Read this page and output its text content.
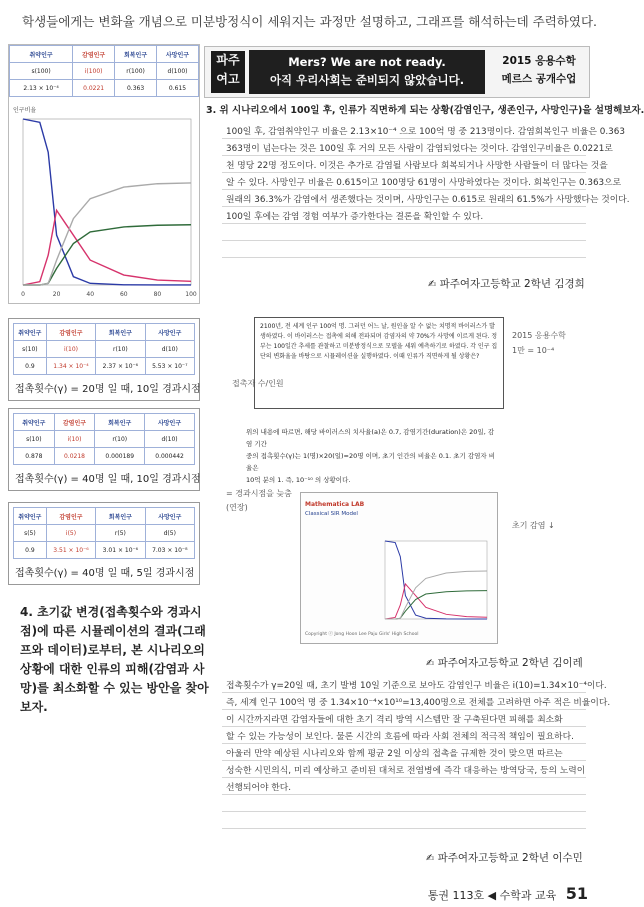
학생들에게는 변화율 개념으로 미분방정식이 세워지는 과정만 설명하고, 그래프를 해석하는데 주력하였다.
취약인구	감염인구	회복인구	사망인구
s(100)	i(100)	r(100)	d(100)
2.13 × 10⁻⁴	0.0221	0.363	0.615
인구비율
0	20	40	60	80	100
취약인구	감염인구	회복인구	사망인구
s(10)	i(10)	r(10)	d(10)
0.9	1.34 × 10⁻⁴	2.37 × 10⁻⁶	5.53 × 10⁻⁷
접촉횟수(γ) = 20명 일 때, 10일 경과시점
취약인구	감염인구	회복인구	사망인구
s(10)	i(10)	r(10)	d(10)
0.878	0.0218	0.000189	0.000442
접촉횟수(γ) = 40명 일 때, 10일 경과시점
취약인구	감염인구	회복인구	사망인구
s(5)	i(5)	r(5)	d(5)
0.9	3.51 × 10⁻⁶	3.01 × 10⁻⁶	7.03 × 10⁻⁸
접촉횟수(γ) = 40명 일 때, 5일 경과시점
4. 초기값 변경(접촉횟수와 경과시점)에 따른 시뮬레이션의 결과(그래프와 데이터)로부터, 본 시나리오의 상황에 대한 인류의 피해(감염과 사망)를 최소화할 수 있는 방안을 찾아보자.
파주
여고
Mers? We are not ready.
아직 우리사회는 준비되지 않았습니다.
2015 응용수학
메르스 공개수업
3. 위 시나리오에서 100일 후, 인류가 직면하게 되는 상황(감염인구, 생존인구, 사망인구)을 설명해보자.
100일 후, 감염취약인구 비율은 2.13×10⁻⁴ 으로 100억 명 중 213명이다. 감염회복인구 비율은 0.363
363명이 넘는다는 것은 100일 후 거의 모든 사람이 감염되었다는 것이다. 감염인구비율은 0.0221로
천 명당 22명 정도이다. 이것은 추가로 감염될 사람보다 회복되거나 사망한 사람들이 더 많다는 것을
알 수 있다. 사망인구 비율은 0.615이고 100명당 61명이 사망하였다는 것이다. 회복인구는 0.363으로
원래의 36.3%가 감염에서 생존했다는 것이며, 사망인구는 0.615로 원래의 61.5%가 사망했다는 것이다.
100일 후에는 감염 경험 여부가 증가한다는 결론을 확인할 수 있다.
✍ 파주여자고등학교 2학년 김경희
2100년, 전 세계 인구 100억 명. 그러던 어느 날, 원인을 알 수 없는 치명적 바이러스가 발생하였다. 이 바이러스는 접촉에 의해 전파되며 감염자의 약 70%가 사망에 이르게 된다. 정부는 100일간 추세를 관찰하고 미분방정식으로 모델을 세워 예측하기로 하였다. 각 인구 집단의 변화율을 바탕으로 시뮬레이션을 실행하였다. 이때 인류가 직면하게 될 상황은?
접촉자 수/인원
2015 응용수학
1만 = 10⁻⁴
위의 내용에 따르면, 해당 바이러스의 치사율(a)은 0.7, 감염기간(duration)은 20일, 감염 기간
중의 접촉횟수(γ)는 1(명)×20(일)=20명 이며, 초기 인간의 비율은 0.1. 초기 감염자 비율은
10억 분의 1. 즉, 10⁻¹⁰ 의 상황이다.
Mathematica LAB
Classical SIR Model
Copyright ⓒ Jong Hoon Lee Paju Girls' High School
= 경과시점을 늦춤
(연장)
초기 감염 ↓
✍ 파주여자고등학교 2학년 김이레
접촉횟수가 γ=20일 때, 초기 발병 10일 기준으로 보아도 감염인구 비율은 i(10)=1.34×10⁻⁴이다.
즉, 세계 인구 100억 명 중 1.34×10⁻⁴×10¹⁰=13,400명으로 전체를 고려하면 아주 적은 비율이다.
이 시간까지라면 감염자들에 대한 초기 격리 방역 시스템만 잘 구축된다면 피해를 최소화
할 수 있는 가능성이 보인다. 물론 시간의 흐름에 따라 사회 전체의 적극적 책임이 필요하다.
아울러 만약 예상된 시나리오와 함께 평균 2일 이상의 접촉을 규제한 것이 맞으면 따르는
성숙한 시민의식, 미리 예상하고 준비된 대처로 전염병에 즉각 대응하는 방역당국, 등의 노력이
선행되어야 한다.
✍ 파주여자고등학교 2학년 이수민
통권 113호 ◀ 수학과 교육 51
